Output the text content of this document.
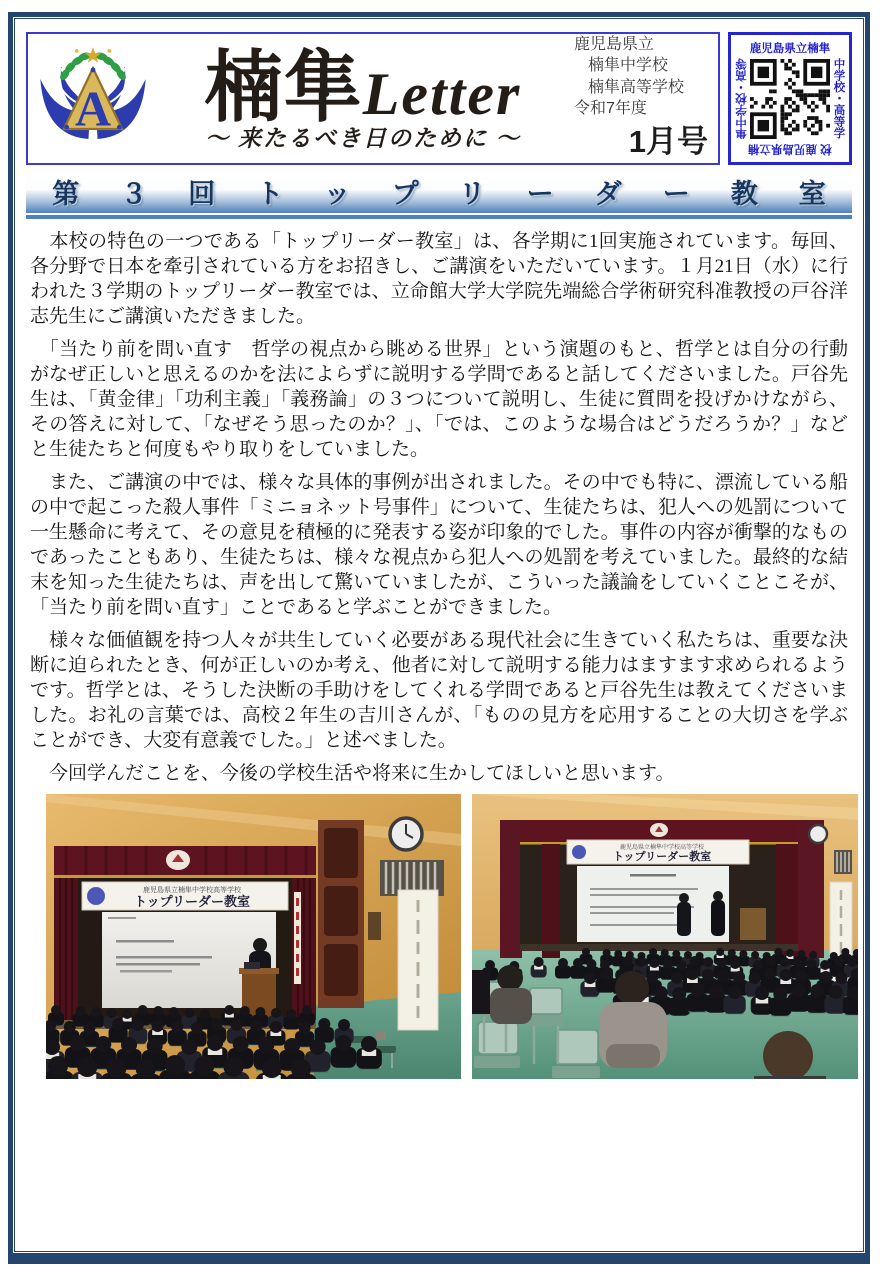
A	楠隼Letter
～ 来たるべき日のために ～
鹿児島県立
楠隼中学校
楠隼高等学校
令和7年度
1月号
鹿児島県立楠隼
隼中学校・高等	中学校・高等学
校 鹿児島県立楠
第３回トップリーダー教室

　本校の特色の一つである「トップリーダー教室」は、各学期に1回実施されています。毎回、各分野で日本を牽引されている方をお招きし、ご講演をいただいています。１月21日（水）に行われた３学期のトップリーダー教室では、立命館大学大学院先端総合学術研究科准教授の戸谷洋志先生にご講演いただきました。

　「当たり前を問い直す　哲学の視点から眺める世界」という演題のもと、哲学とは自分の行動がなぜ正しいと思えるのかを法によらずに説明する学問であると話してくださいました。戸谷先生は、「黄金律」「功利主義」「義務論」の３つについて説明し、生徒に質問を投げかけながら、その答えに対して、「なぜそう思ったのか？」、「では、このような場合はどうだろうか？」などと生徒たちと何度もやり取りをしていました。

　また、ご講演の中では、様々な具体的事例が出されました。その中でも特に、漂流している船の中で起こった殺人事件「ミニョネット号事件」について、生徒たちは、犯人への処罰について一生懸命に考えて、その意見を積極的に発表する姿が印象的でした。事件の内容が衝撃的なものであったこともあり、生徒たちは、様々な視点から犯人への処罰を考えていました。最終的な結末を知った生徒たちは、声を出して驚いていましたが、こういった議論をしていくことこそが、「当たり前を問い直す」ことであると学ぶことができました。

　様々な価値観を持つ人々が共生していく必要がある現代社会に生きていく私たちは、重要な決断に迫られたとき、何が正しいのか考え、他者に対して説明する能力はますます求められるようです。哲学とは、そうした決断の手助けをしてくれる学問であると戸谷先生は教えてくださいました。お礼の言葉では、高校２年生の吉川さんが、「ものの見方を応用することの大切さを学ぶことができ、大変有意義でした。」と述べました。

　今回学んだことを、今後の学校生活や将来に生かしてほしいと思います。

鹿児島県立楠隼中学校高等学校
トップリーダー教室
鹿児島県立楠隼中学校高等学校
トップリーダー教室
